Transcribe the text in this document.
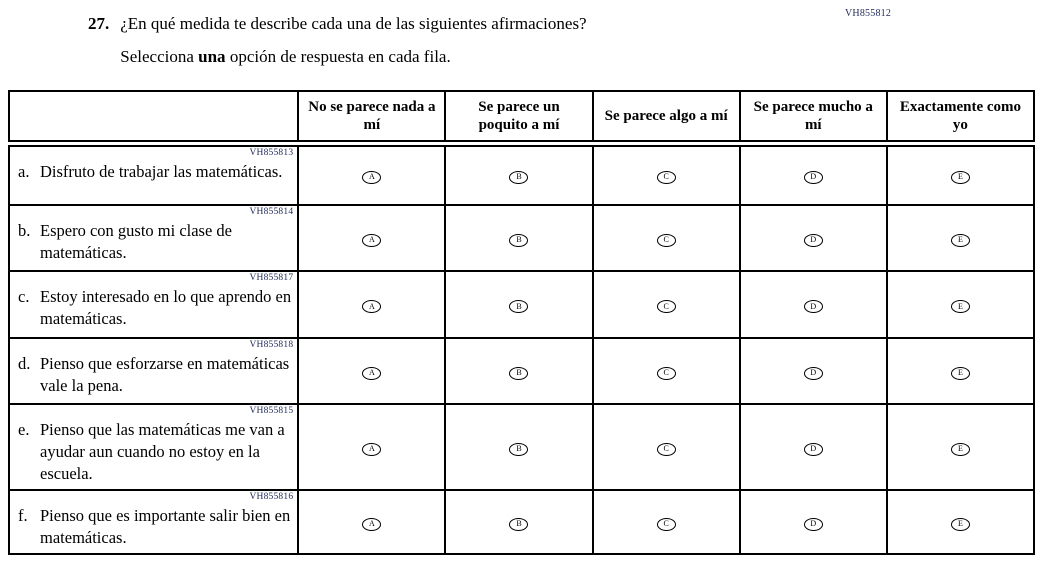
VH855812
27. ¿En qué medida te describe cada una de las siguientes afirmaciones?
Selecciona una opción de respuesta en cada fila.
	No se parece nada a mí	Se parece un poquito a mí	Se parece algo a mí	Se parece mucho a mí	Exactamente como yo

VH855813
a. Disfruto de trabajar las matemáticas.	A	B	C	D	E

VH855814
b. Espero con gusto mi clase de matemáticas.	A	B	C	D	E

VH855817
c. Estoy interesado en lo que aprendo en matemáticas.	A	B	C	D	E

VH855818
d. Pienso que esforzarse en matemáticas vale la pena.	A	B	C	D	E

VH855815
e. Pienso que las matemáticas me van a ayudar aun cuando no estoy en la escuela.	A	B	C	D	E

VH855816
f. Pienso que es importante salir bien en matemáticas.	A	B	C	D	E
